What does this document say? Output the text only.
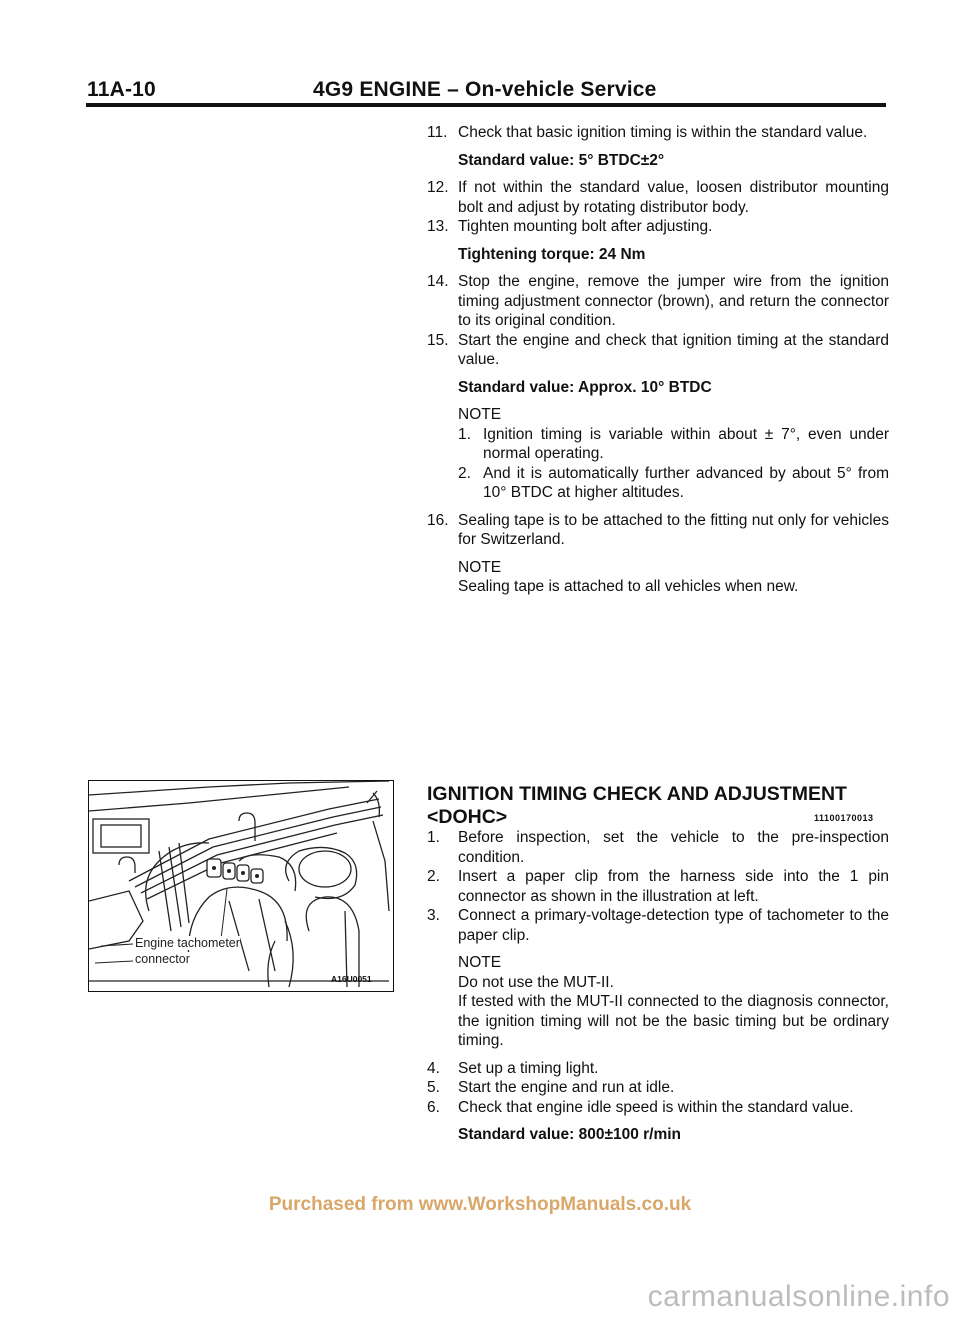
11A-10	4G9 ENGINE – On-vehicle Service
11. Check that basic ignition timing is within the standard value.

Standard value: 5° BTDC±2°

12. If not within the standard value, loosen distributor mounting bolt and adjust by rotating distributor body.
13. Tighten mounting bolt after adjusting.

Tightening torque: 24 Nm

14. Stop the engine, remove the jumper wire from the ignition timing adjustment connector (brown), and return the connector to its original condition.
15. Start the engine and check that ignition timing at the standard value.

Standard value: Approx. 10° BTDC

NOTE

1. Ignition timing is variable within about ± 7°, even under normal operating.
2. And it is automatically further advanced by about 5° from 10° BTDC at higher altitudes.
16. Sealing tape is to be attached to the fitting nut only for vehicles for Switzerland.

NOTE

Sealing tape is attached to all vehicles when new.

IGNITION TIMING CHECK AND ADJUSTMENT
<DOHC>	11100170013
1.	Before inspection, set the vehicle to the pre-inspection condition.
2.	Insert a paper clip from the harness side into the 1 pin connector as shown in the illustration at left.
3.	Connect a primary-voltage-detection type of tachometer to the paper clip.

NOTE

Do not use the MUT-II.

If tested with the MUT-II connected to the diagnosis connector, the ignition timing will not be the basic timing but be ordinary timing.

4.	Set up a timing light.
5.	Start the engine and run at idle.
6.	Check that engine idle speed is within the standard value.

Standard value: 800±100 r/min

Engine tachometer
connector
A16U0051
Purchased from www.WorkshopManuals.co.uk
carmanualsonline.info
